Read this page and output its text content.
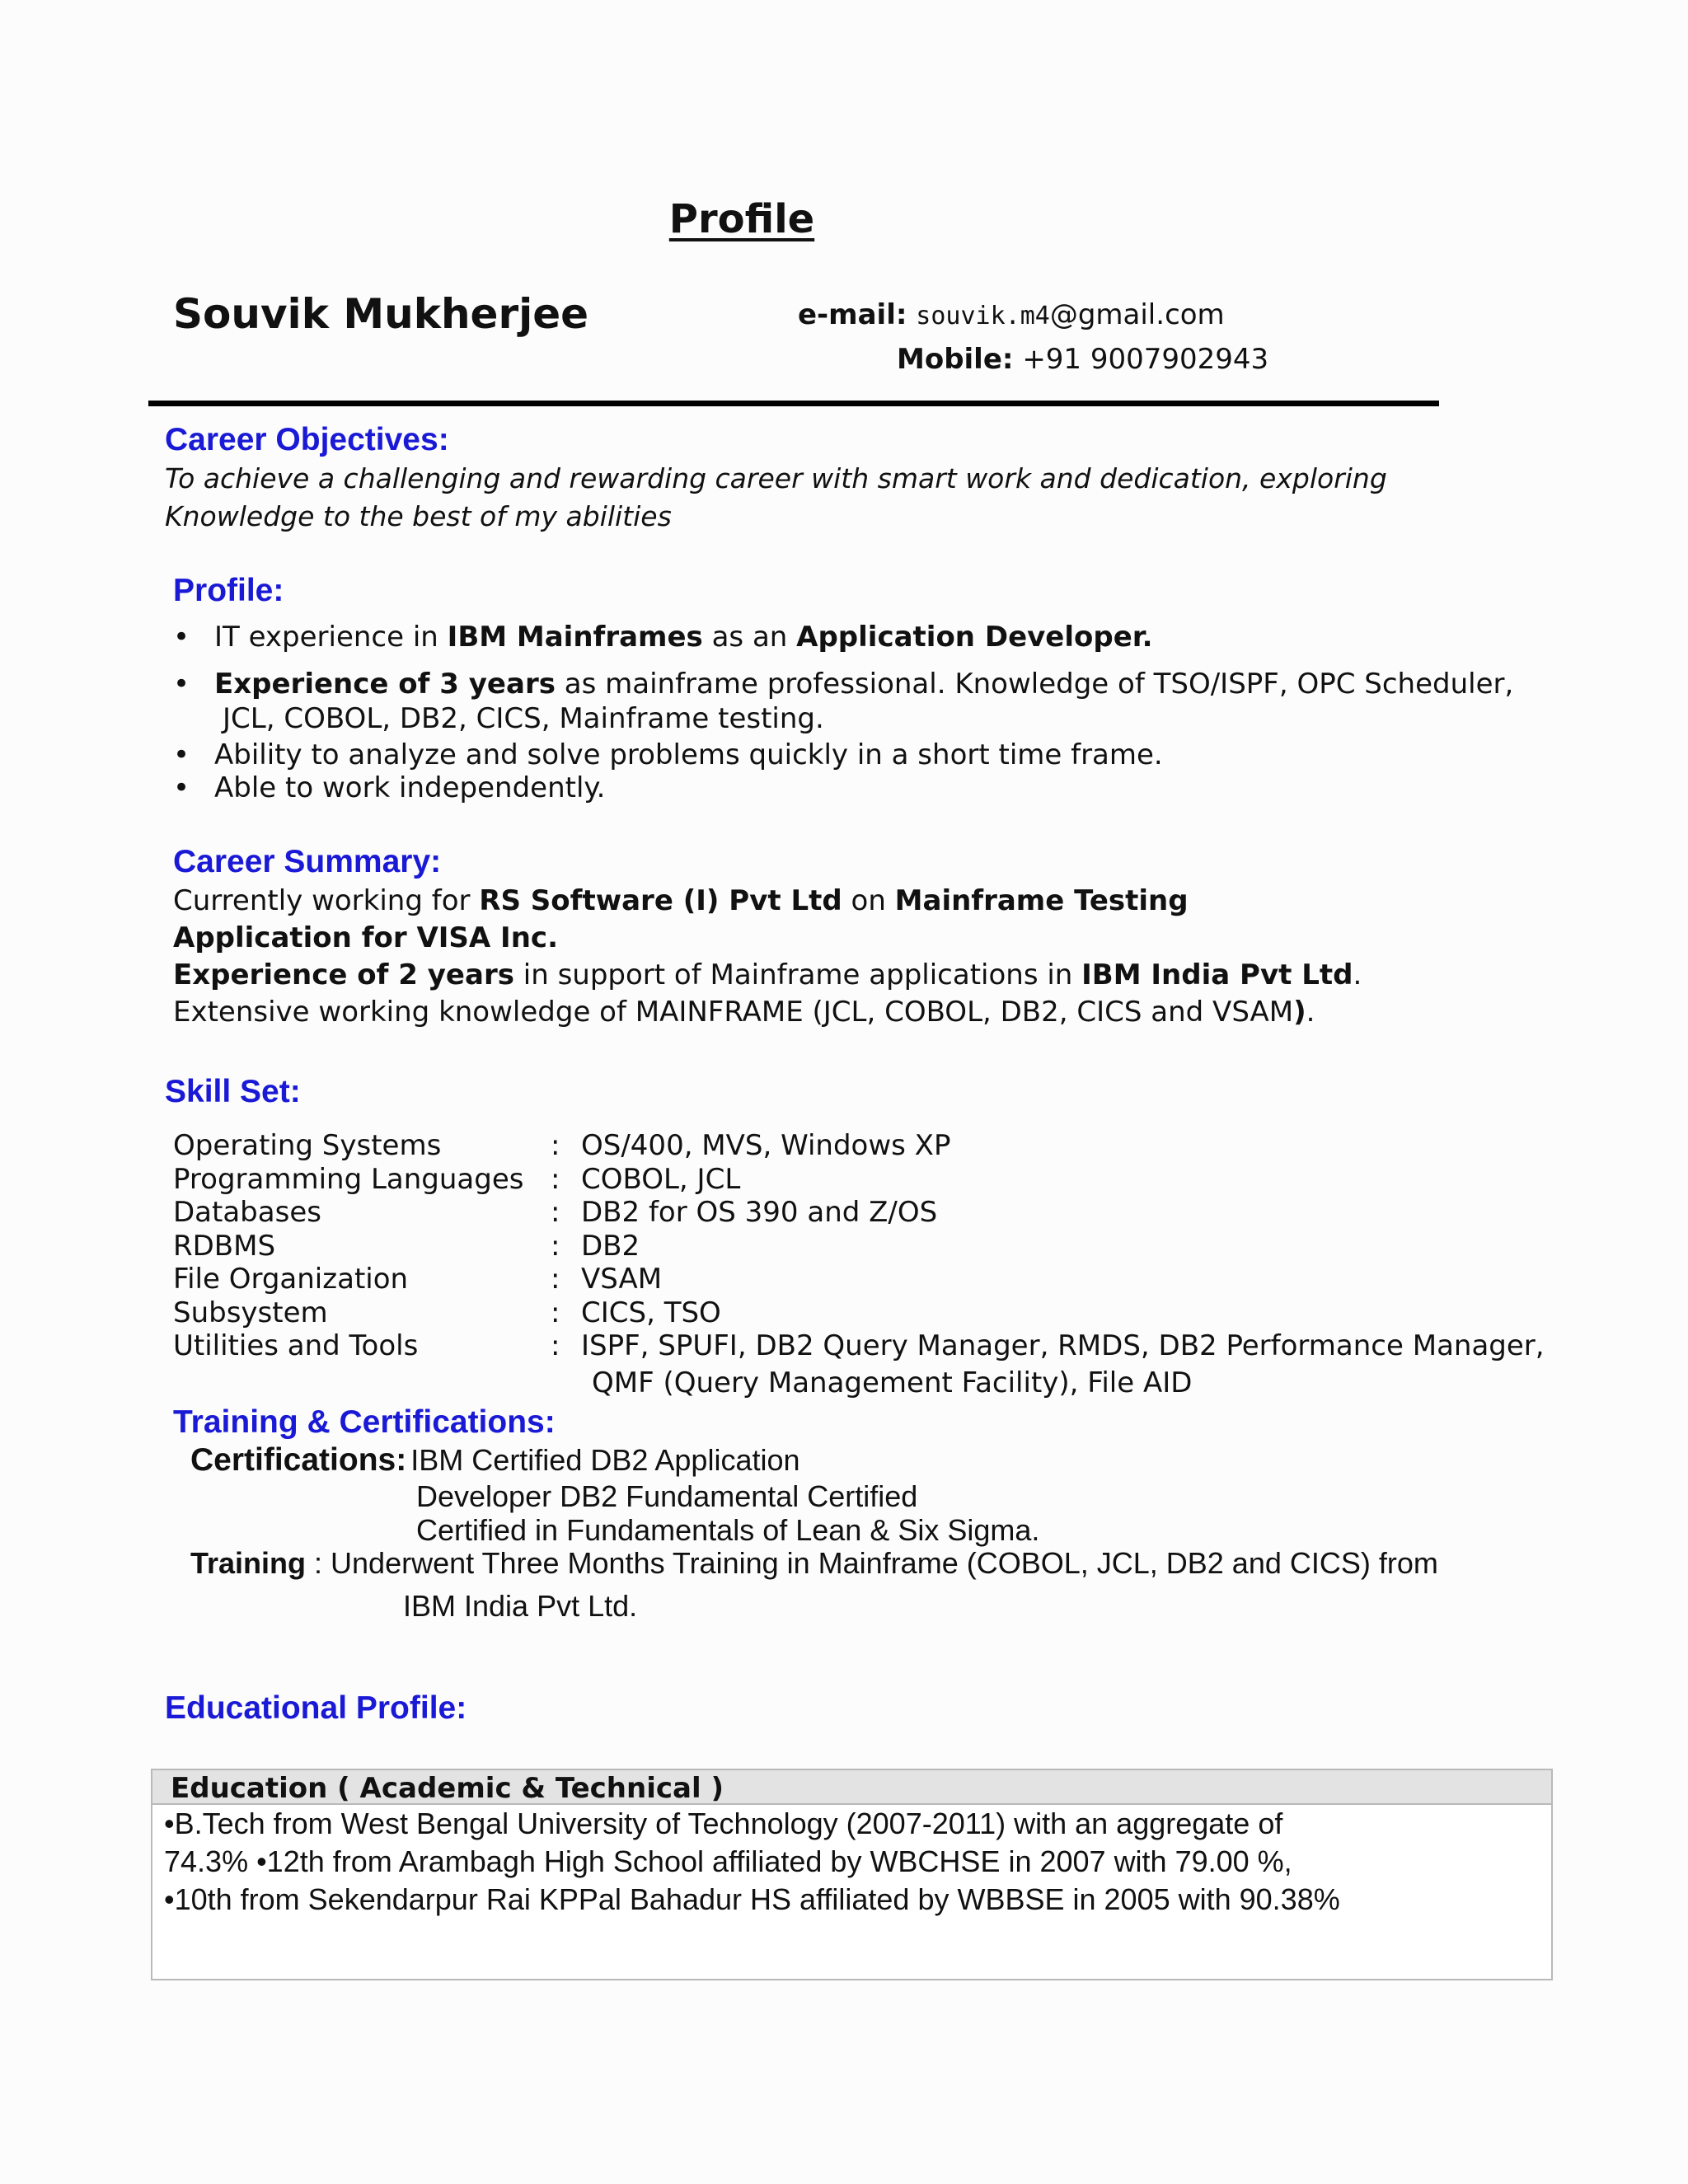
Profile
Souvik Mukherjee	e-mail: souvik.m4@gmail.com
Mobile: +91 9007902943
Career Objectives:
To achieve a challenging and rewarding career with smart work and dedication, exploring
Knowledge to the best of my abilities
Profile:
• IT experience in IBM Mainframes as an Application Developer.
• Experience of 3 years as mainframe professional. Knowledge of TSO/ISPF, OPC Scheduler,
JCL, COBOL, DB2, CICS, Mainframe testing.
• Ability to analyze and solve problems quickly in a short time frame.
• Able to work independently.
Career Summary:
Currently working for RS Software (I) Pvt Ltd on Mainframe Testing
Application for VISA Inc.
Experience of 2 years in support of Mainframe applications in IBM India Pvt Ltd.
Extensive working knowledge of MAINFRAME (JCL, COBOL, DB2, CICS and VSAM).
Skill Set:
Operating Systems	: OS/400, MVS, Windows XP
Programming Languages : COBOL, JCL
Databases	: DB2 for OS 390 and Z/OS
RDBMS	: DB2
File Organization	: VSAM
Subsystem	: CICS, TSO
Utilities and Tools	: ISPF, SPUFI, DB2 Query Manager, RMDS, DB2 Performance Manager,
QMF (Query Management Facility), File AID
Training & Certifications:
Certifications: IBM Certified DB2 Application
Developer DB2 Fundamental Certified
Certified in Fundamentals of Lean & Six Sigma.
Training : Underwent Three Months Training in Mainframe (COBOL, JCL, DB2 and CICS) from
IBM India Pvt Ltd.
Educational Profile:
Education ( Academic & Technical )
•B.Tech from West Bengal University of Technology (2007-2011) with an aggregate of
74.3% •12th from Arambagh High School affiliated by WBCHSE in 2007 with 79.00 %,
•10th from Sekendarpur Rai KPPal Bahadur HS affiliated by WBBSE in 2005 with 90.38%
